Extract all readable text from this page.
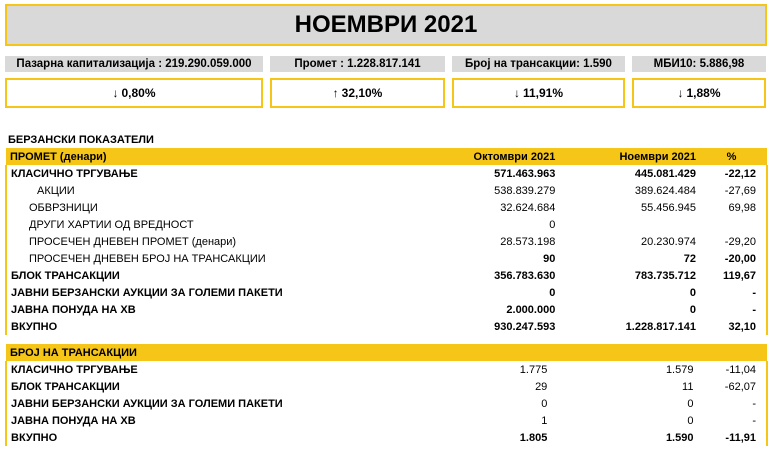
НОЕМВРИ 2021
Пазарна капитализација : 219.290.059.000
↓ 0,80%
Промет : 1.228.817.141
↑ 32,10%
Број на трансакции: 1.590
↓ 11,91%
МБИ10: 5.886,98
↓ 1,88%
БЕРЗАНСКИ ПОКАЗАТЕЛИ
ПРОМЕТ (денари)	Октомври 2021	Ноември 2021	%
КЛАСИЧНО ТРГУВАЊЕ	571.463.963	445.081.429	-22,12
АКЦИИ	538.839.279	389.624.484	-27,69
ОБВРЗНИЦИ	32.624.684	55.456.945	69,98
ДРУГИ ХАРТИИ ОД ВРЕДНОСТ	0		
ПРОСЕЧЕН ДНЕВЕН ПРОМЕТ (денари)	28.573.198	20.230.974	-29,20
ПРОСЕЧЕН ДНЕВЕН БРОЈ НА ТРАНСАКЦИИ	90	72	-20,00
БЛОК ТРАНСАКЦИИ	356.783.630	783.735.712	119,67
ЈАВНИ БЕРЗАНСКИ АУКЦИИ ЗА ГОЛЕМИ ПАКЕТИ	0	0	-
ЈАВНА ПОНУДА НА ХВ	2.000.000	0	-
ВКУПНО	930.247.593	1.228.817.141	32,10
БРОЈ НА ТРАНСАКЦИИ			
КЛАСИЧНО ТРГУВАЊЕ	1.775	1.579	-11,04
БЛОК ТРАНСАКЦИИ	29	11	-62,07
ЈАВНИ БЕРЗАНСКИ АУКЦИИ ЗА ГОЛЕМИ ПАКЕТИ	0	0	-
ЈАВНА ПОНУДА НА ХВ	1	0	-
ВКУПНО	1.805	1.590	-11,91
